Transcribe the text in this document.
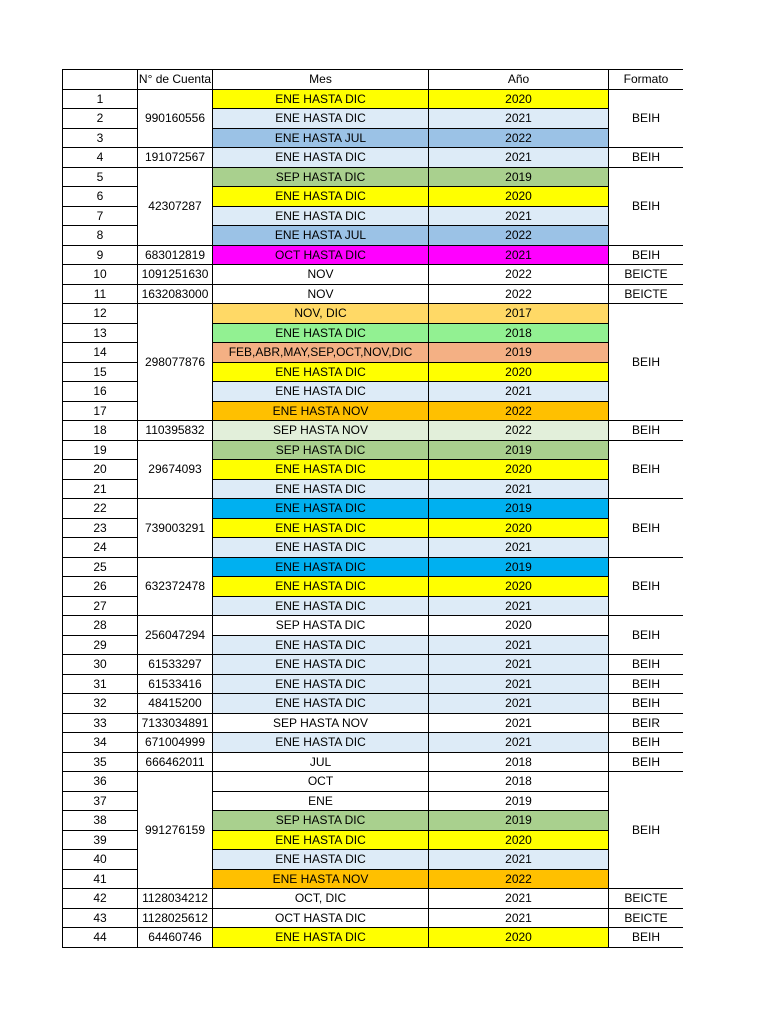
	N° de Cuenta	Mes	Año	Formato
1	990160556	ENE HASTA DIC	2020	BEIH
2		ENE HASTA DIC	2021	
3		ENE HASTA JUL	2022	
4	191072567	ENE HASTA DIC	2021	BEIH
5	42307287	SEP HASTA DIC	2019	BEIH
6		ENE HASTA DIC	2020	
7		ENE HASTA DIC	2021	
8		ENE HASTA JUL	2022	
9	683012819	OCT HASTA DIC	2021	BEIH
10	1091251630	NOV	2022	BEICTE
11	1632083000	NOV	2022	BEICTE
12	298077876	NOV, DIC	2017	BEIH
13		ENE HASTA DIC	2018	
14		FEB,ABR,MAY,SEP,OCT,NOV,DIC	2019	
15		ENE HASTA DIC	2020	
16		ENE HASTA DIC	2021	
17		ENE HASTA NOV	2022	
18	110395832	SEP HASTA NOV	2022	BEIH
19	29674093	SEP HASTA DIC	2019	BEIH
20		ENE HASTA DIC	2020	
21		ENE HASTA DIC	2021	
22	739003291	ENE HASTA DIC	2019	BEIH
23		ENE HASTA DIC	2020	
24		ENE HASTA DIC	2021	
25	632372478	ENE HASTA DIC	2019	BEIH
26		ENE HASTA DIC	2020	
27		ENE HASTA DIC	2021	
28	256047294	SEP HASTA DIC	2020	BEIH
29		ENE HASTA DIC	2021	
30	61533297	ENE HASTA DIC	2021	BEIH
31	61533416	ENE HASTA DIC	2021	BEIH
32	48415200	ENE HASTA DIC	2021	BEIH
33	7133034891	SEP HASTA NOV	2021	BEIR
34	671004999	ENE HASTA DIC	2021	BEIH
35	666462011	JUL	2018	BEIH
36	991276159	OCT	2018	BEIH
37		ENE	2019	
38		SEP HASTA DIC	2019	
39		ENE HASTA DIC	2020	
40		ENE HASTA DIC	2021	
41		ENE HASTA NOV	2022	
42	1128034212	OCT, DIC	2021	BEICTE
43	1128025612	OCT HASTA DIC	2021	BEICTE
44	64460746	ENE HASTA DIC	2020	BEIH
